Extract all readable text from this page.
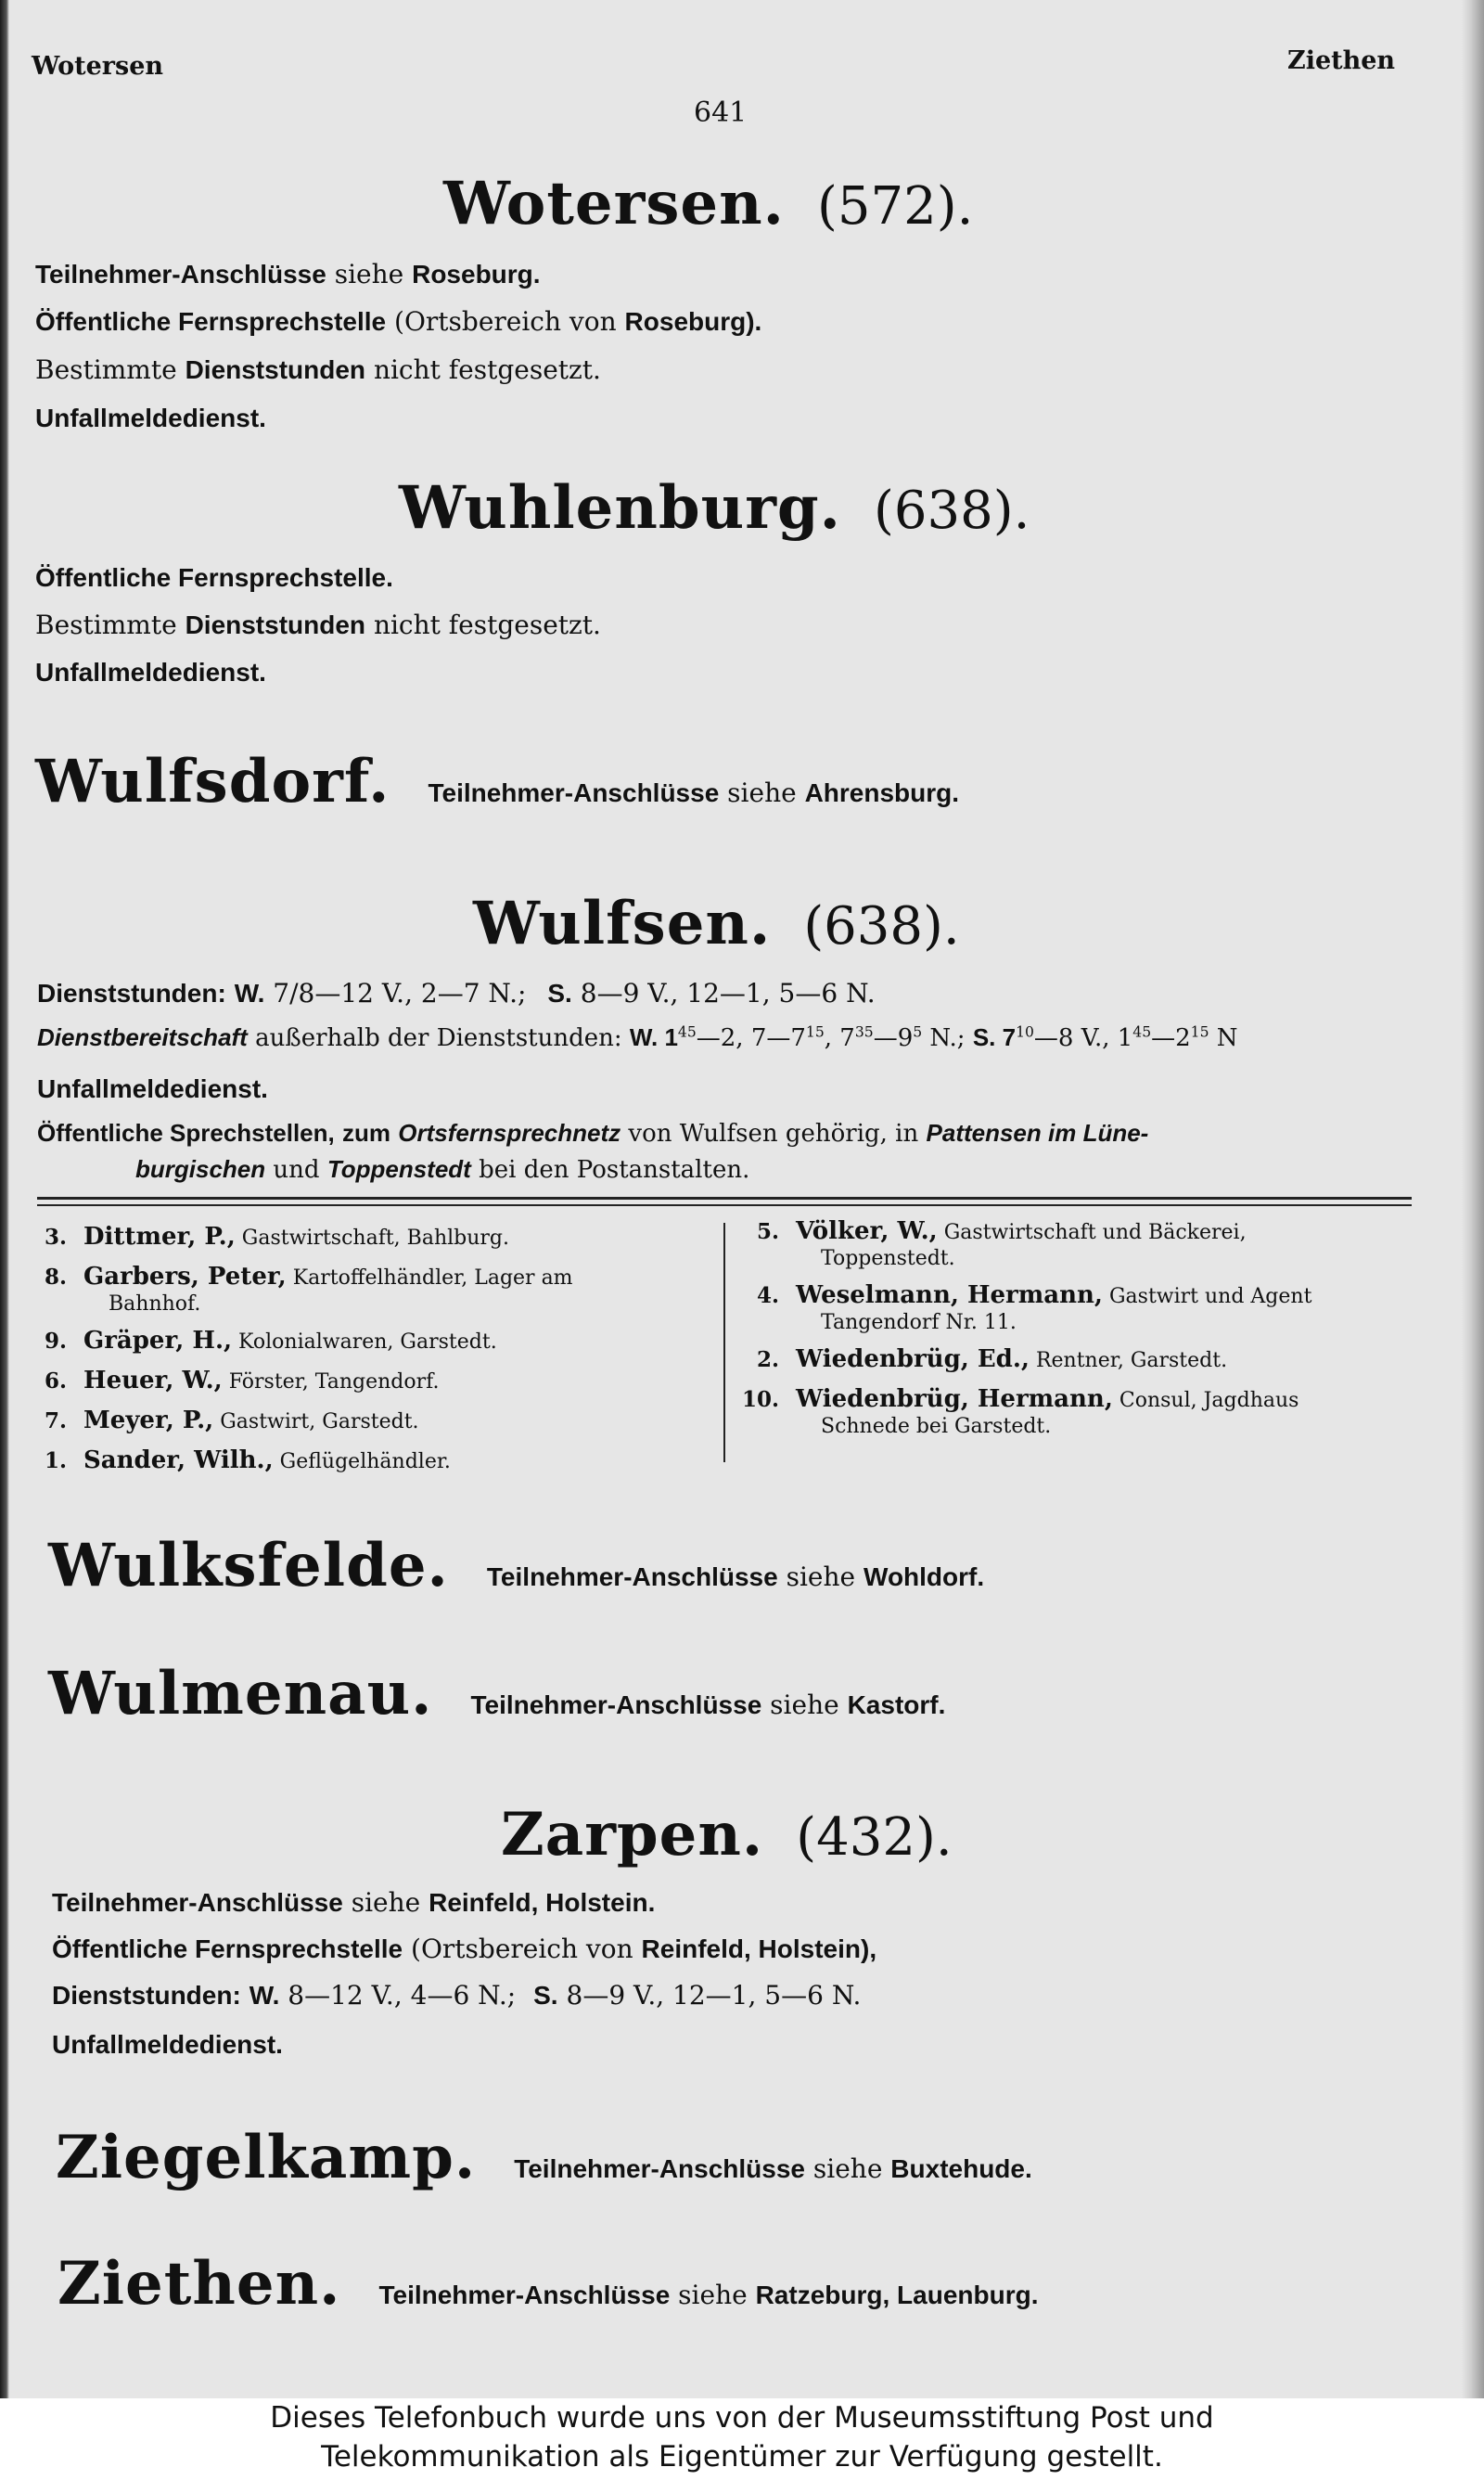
Wotersen	Ziethen
641
Wotersen. (572).
Teilnehmer-Anschlüsse siehe Roseburg.
Öffentliche Fernsprechstelle (Ortsbereich von Roseburg).
Bestimmte Dienststunden nicht festgesetzt.
Unfallmeldedienst.
Wuhlenburg. (638).
Öffentliche Fernsprechstelle.
Bestimmte Dienststunden nicht festgesetzt.
Unfallmeldedienst.
Wulfsdorf. Teilnehmer-Anschlüsse siehe Ahrensburg.
Wulfsen. (638).
Dienststunden: W. 7/8—12 V., 2—7 N.; S. 8—9 V., 12—1, 5—6 N.
Dienstbereitschaft außerhalb der Dienststunden: W. $1^{45}—2$, $7—7^{15}$, $7^{35}—9^5$ N.; S. $7^{10}—8$ V., $1^{45}—2^{15}$ N
Unfallmeldedienst.
Öffentliche Sprechstellen, zum Ortsfernsprechnetz von Wulfsen gehörig, in Pattensen im Lüne-
burgischen und Toppenstedt bei den Postanstalten.
3. Dittmer, P., Gastwirtschaft, Bahlburg.
8. Garbers, Peter, Kartoffelhändler, Lager am
Bahnhof.
9. Gräper, H., Kolonialwaren, Garstedt.
6. Heuer, W., Förster, Tangendorf.
7. Meyer, P., Gastwirt, Garstedt.
1. Sander, Wilh., Geflügelhändler.
5. Völker, W., Gastwirtschaft und Bäckerei,
Toppenstedt.
4. Weselmann, Hermann, Gastwirt und Agent
Tangendorf Nr. 11.
2. Wiedenbrüg, Ed., Rentner, Garstedt.
10. Wiedenbrüg, Hermann, Consul, Jagdhaus
Schnede bei Garstedt.
Wulksfelde. Teilnehmer-Anschlüsse siehe Wohldorf.
Wulmenau. Teilnehmer-Anschlüsse siehe Kastorf.
Zarpen. (432).
Teilnehmer-Anschlüsse siehe Reinfeld, Holstein.
Öffentliche Fernsprechstelle (Ortsbereich von Reinfeld, Holstein),
Dienststunden: W. 8—12 V., 4—6 N.; S. 8—9 V., 12—1, 5—6 N.
Unfallmeldedienst.
Ziegelkamp. Teilnehmer-Anschlüsse siehe Buxtehude.
Ziethen. Teilnehmer-Anschlüsse siehe Ratzeburg, Lauenburg.
Dieses Telefonbuch wurde uns von der Museumsstiftung Post und
Telekommunikation als Eigentümer zur Verfügung gestellt.
